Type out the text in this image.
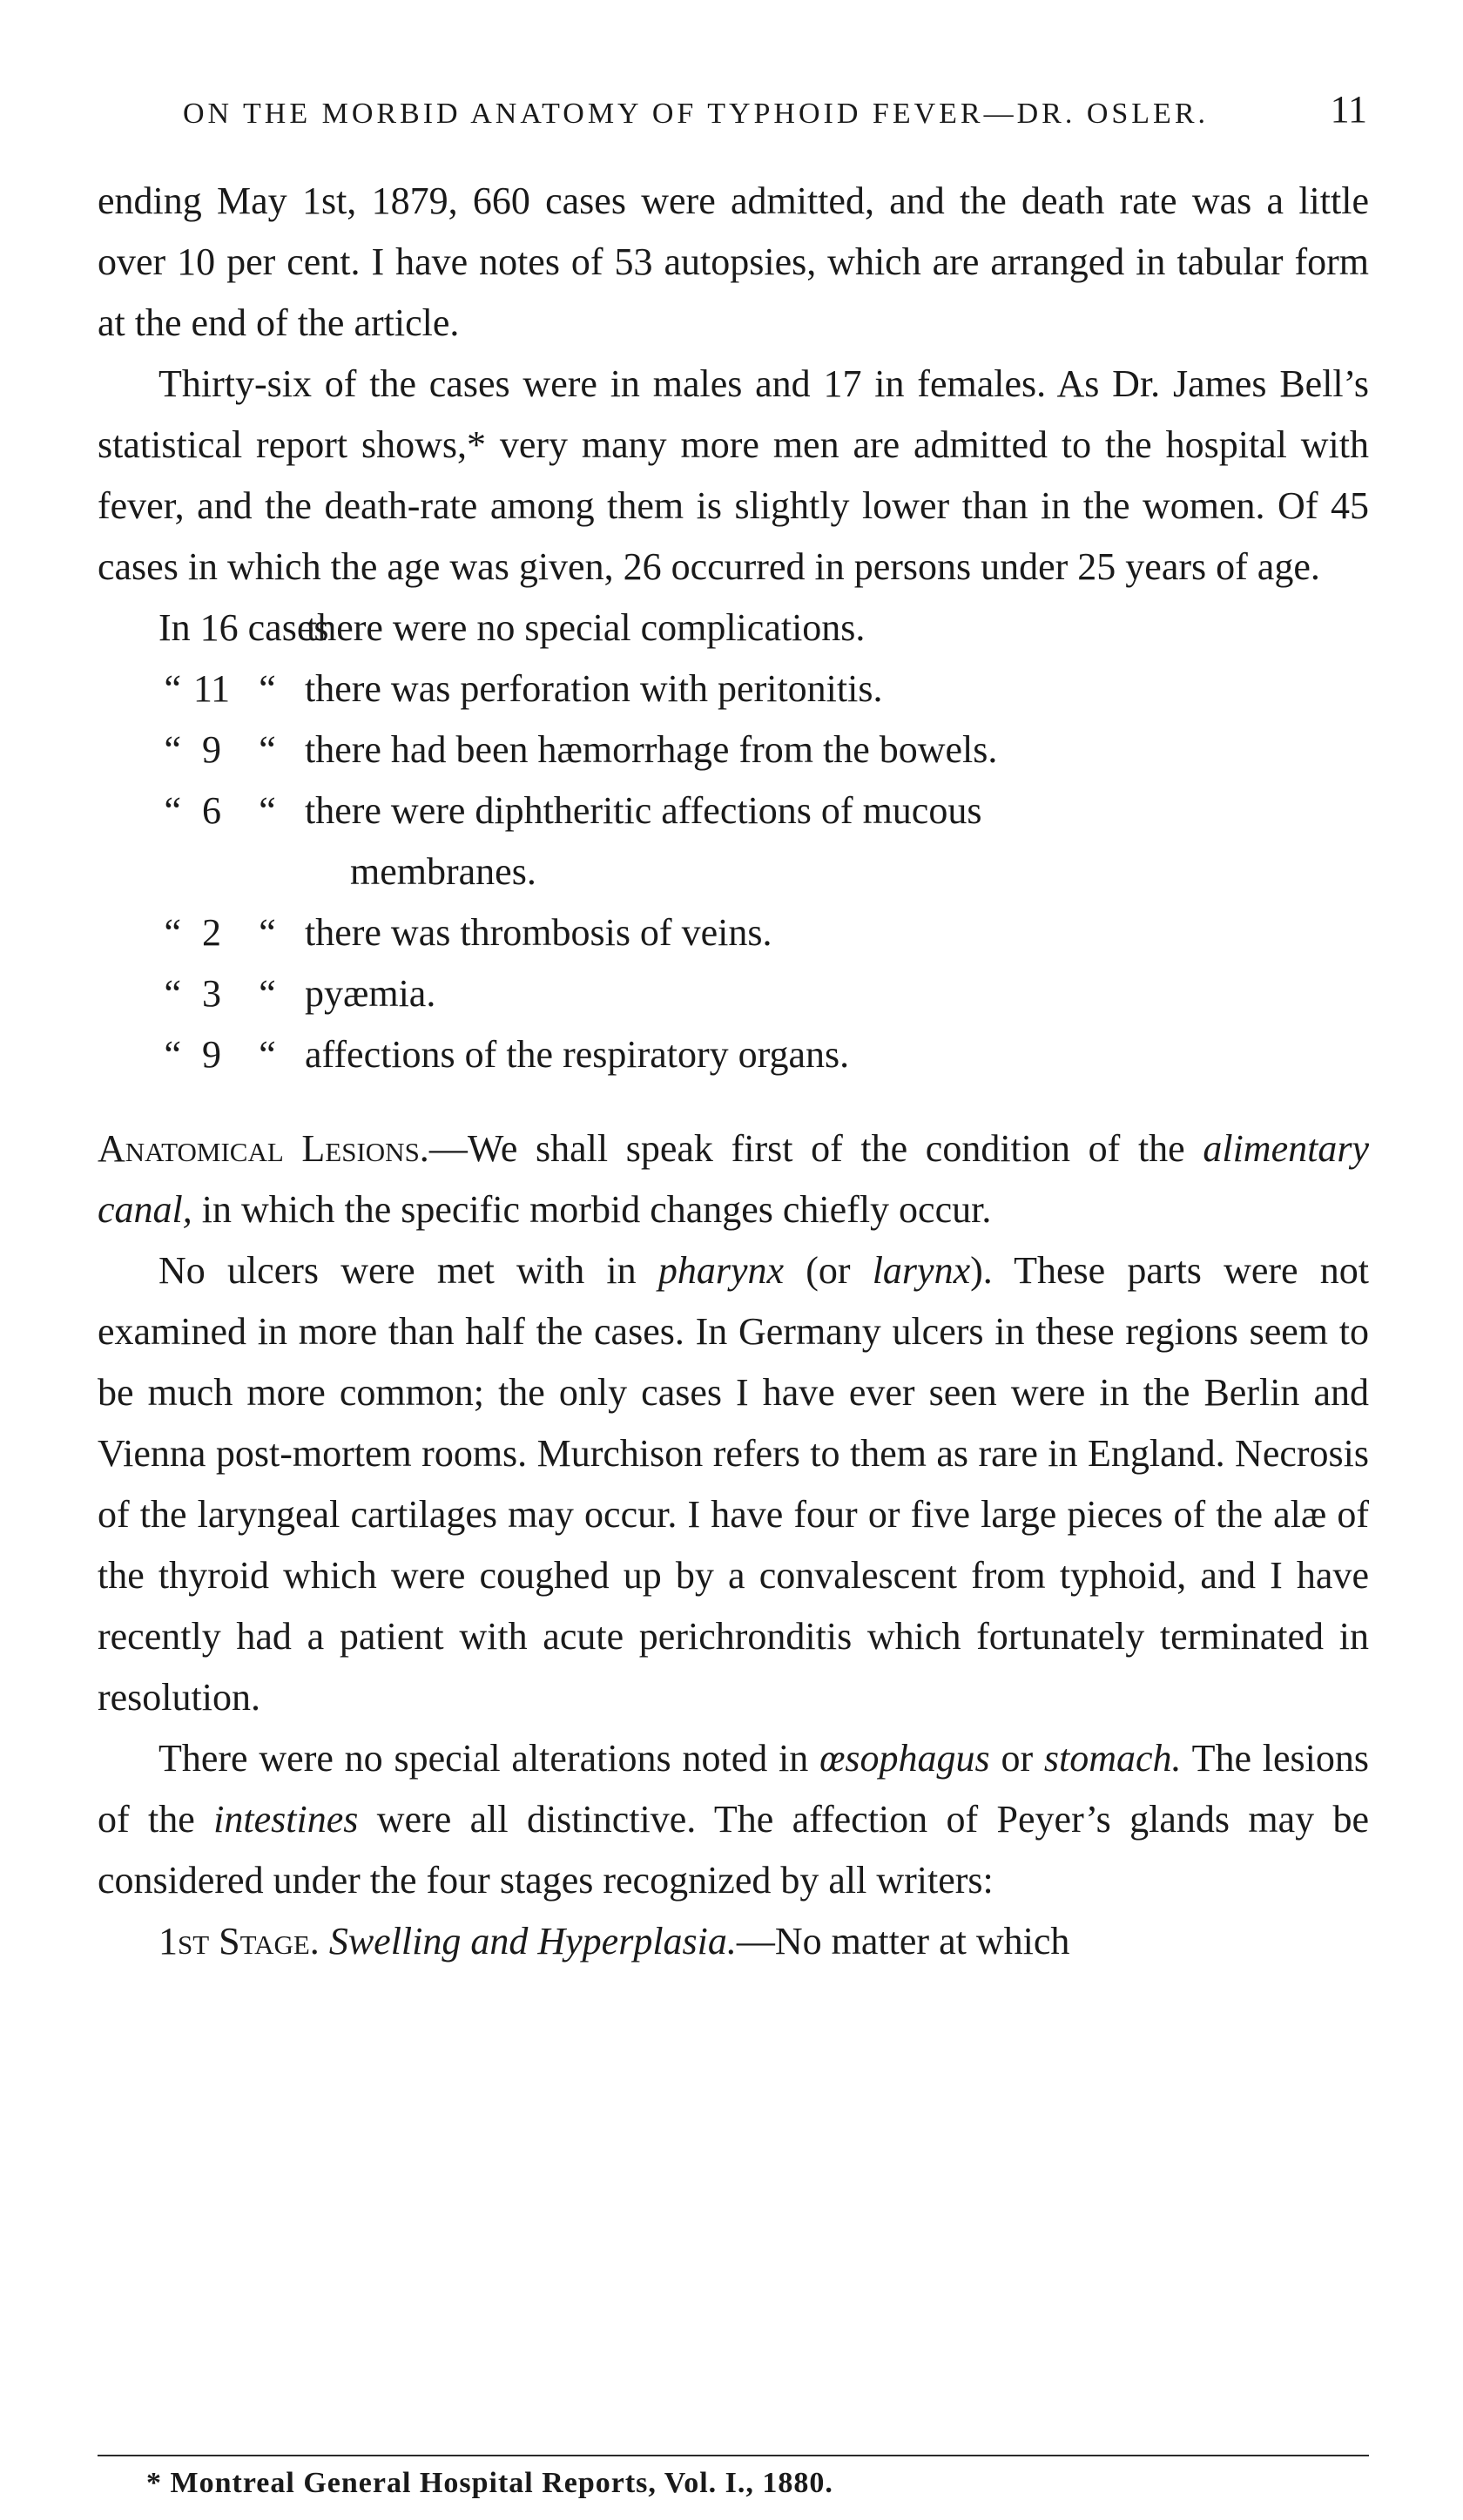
ON THE MORBID ANATOMY OF TYPHOID FEVER—DR. OSLER.	11

ending May 1st, 1879, 660 cases were admitted, and the death rate was a little over 10 per cent. I have notes of 53 autopsies, which are arranged in tabular form at the end of the article.

Thirty-six of the cases were in males and 17 in females. As Dr. James Bell’s statistical report shows,* very many more men are admitted to the hospital with fever, and the death-rate among them is slightly lower than in the women. Of 45 cases in which the age was given, 26 occurred in persons under 25 years of age.

In 16 cases
there were no special complications.
“ 11 “ there was perforation with peritonitis.
“ 9 “ there had been hæmorrhage from the bowels.
“ 6 “ there were diphtheritic affections of mucous
membranes.
“ 2 “ there was thrombosis of veins.
“ 3 “ pyæmia.
“ 9 “ affections of the respiratory organs.

Anatomical Lesions.—We shall speak first of the condition of the alimentary canal, in which the specific morbid changes chiefly occur.

No ulcers were met with in pharynx (or larynx). These parts were not examined in more than half the cases. In Germany ulcers in these regions seem to be much more common; the only cases I have ever seen were in the Berlin and Vienna post-mortem rooms. Murchison refers to them as rare in England. Necrosis of the laryngeal cartilages may occur. I have four or five large pieces of the alæ of the thyroid which were coughed up by a convalescent from typhoid, and I have recently had a patient with acute perichronditis which fortunately terminated in resolution.

There were no special alterations noted in œsophagus or stomach. The lesions of the intestines were all distinctive. The affection of Peyer’s glands may be considered under the four stages recognized by all writers:

1st Stage. Swelling and Hyperplasia.—No matter at which

* Montreal General Hospital Reports, Vol. I., 1880.
